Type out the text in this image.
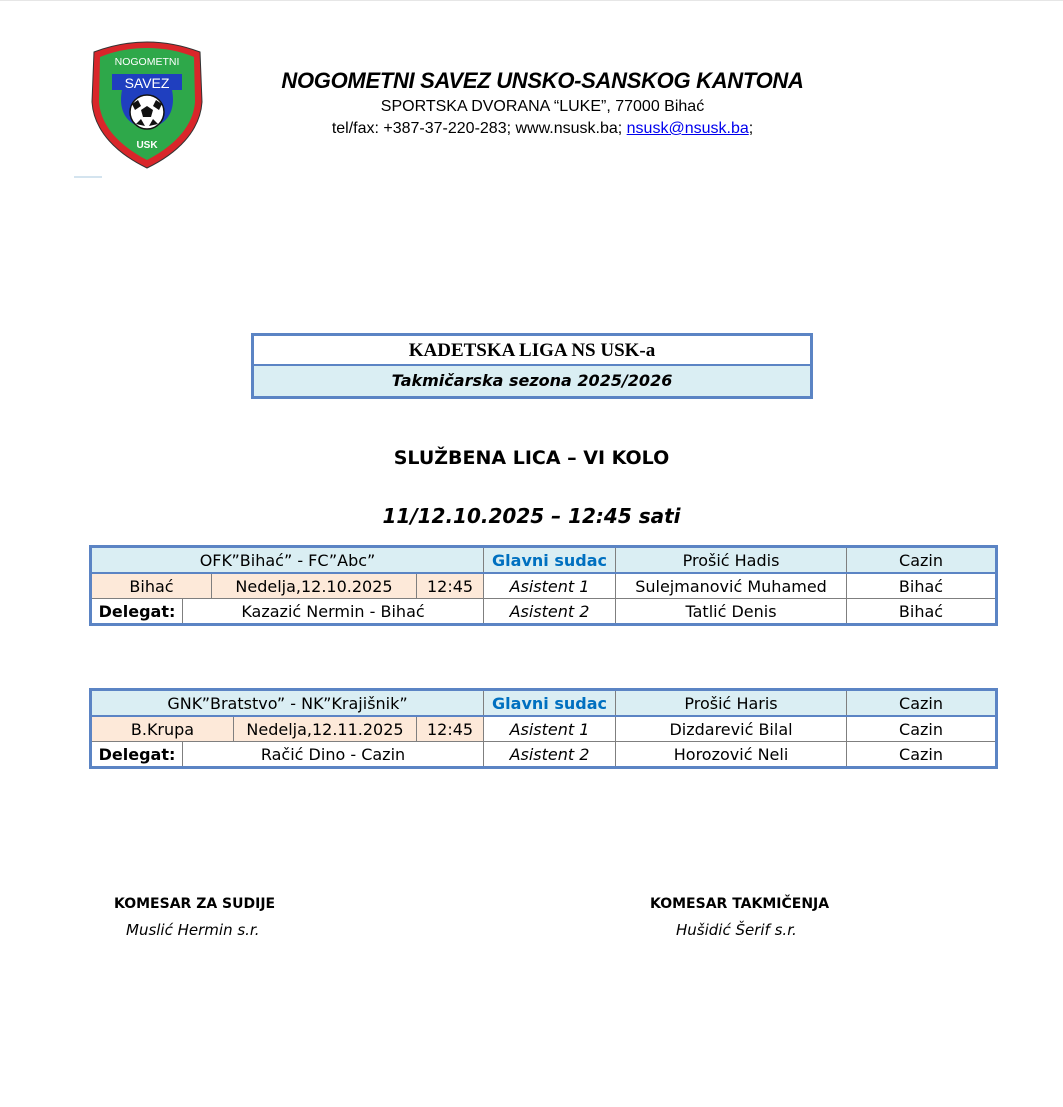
NOGOMETNI
SAVEZ
USK
NOGOMETNI SAVEZ UNSKO-SANSKOG KANTONA
SPORTSKA DVORANA “LUKE”, 77000 Bihać
tel/fax: +387-37-220-283; www.nsusk.ba; nsusk@nsusk.ba;
KADETSKA LIGA NS USK-a
Takmičarska sezona 2025/2026
SLUŽBENA LICA – VI KOLO
11/12.10.2025 – 12:45 sati
OFK”Bihać” - FC”Abc”				Glavni sudac	Prošić Hadis	Cazin
Bihać		Nedelja,12.10.2025	12:45	Asistent 1	Sulejmanović Muhamed	Bihać
Delegat:	Kazazić Nermin - Bihać			Asistent 2	Tatlić Denis	Bihać
GNK”Bratstvo” - NK”Krajišnik”				Glavni sudac	Prošić Haris	Cazin
B.Krupa		Nedelja,12.11.2025	12:45	Asistent 1	Dizdarević Bilal	Cazin
Delegat:	Račić Dino - Cazin			Asistent 2	Horozović Neli	Cazin
KOMESAR ZA SUDIJE
Muslić Hermin s.r.
KOMESAR TAKMIČENJA
Hušidić Šerif s.r.
